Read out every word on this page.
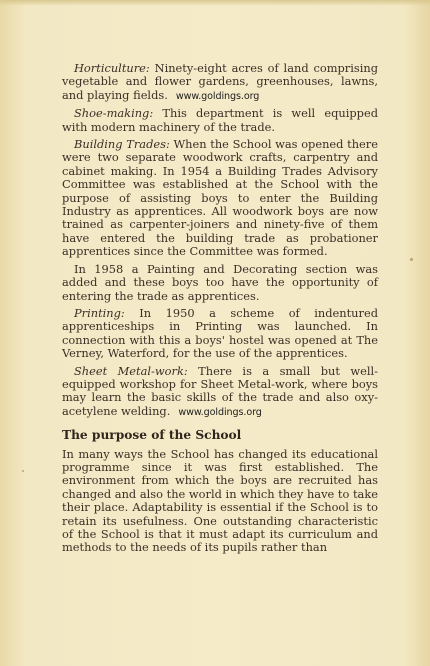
Horticulture: Ninety-eight acres of land comprising vegetable and flower gardens, greenhouses, lawns, and playing fields. www.goldings.org

Shoe-making: This department is well equipped with modern machinery of the trade.

Building Trades: When the School was opened there were two separate woodwork crafts, carpentry and cabinet making. In 1954 a Building Trades Advisory Committee was established at the School with the purpose of assisting boys to enter the Building Industry as apprentices. All woodwork boys are now trained as carpenter-joiners and ninety-five of them have entered the building trade as probationer apprentices since the Committee was formed.

In 1958 a Painting and Decorating section was added and these boys too have the opportunity of entering the trade as apprentices.

Printing: In 1950 a scheme of indentured apprenticeships in Printing was launched. In connection with this a boys' hostel was opened at The Verney, Waterford, for the use of the apprentices.

Sheet Metal-work: There is a small but well-equipped workshop for Sheet Metal-work, where boys may learn the basic skills of the trade and also oxy-acetylene welding. www.goldings.org

The purpose of the School

In many ways the School has changed its educational programme since it was first established. The environment from which the boys are recruited has changed and also the world in which they have to take their place. Adaptability is essential if the School is to retain its usefulness. One outstanding characteristic of the School is that it must adapt its curriculum and methods to the needs of its pupils rather than
